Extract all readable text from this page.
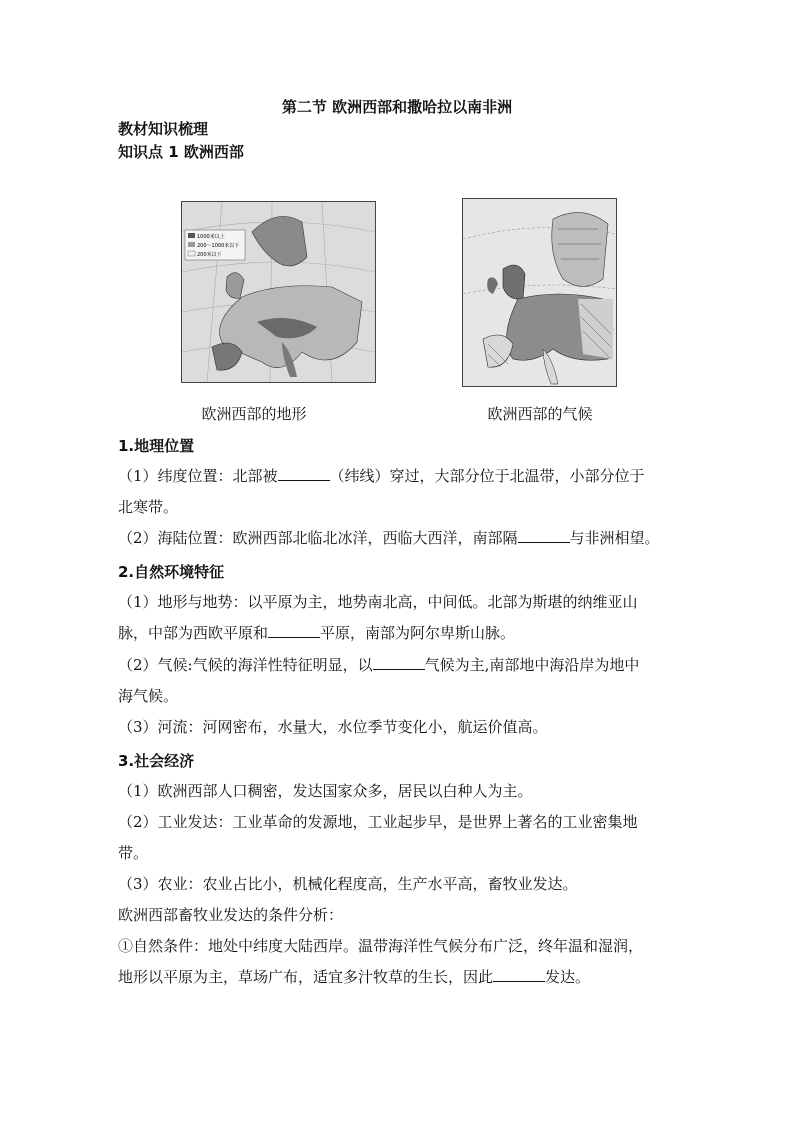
第二节 欧洲西部和撒哈拉以南非洲
教材知识梳理
知识点 1 欧洲西部
1000米以上
200～1000米以下
200米以下
欧洲西部的地形	欧洲西部的气候
1.地理位置
（1）纬度位置：北部被	（纬线）穿过，大部分位于北温带，小部分位于
北寒带。
（2）海陆位置：欧洲西部北临北冰洋，西临大西洋，南部隔	与非洲相望。
2.自然环境特征
（1）地形与地势：以平原为主，地势南北高，中间低。北部为斯堪的纳维亚山
脉，中部为西欧平原和	平原，南部为阿尔卑斯山脉。
（2）气候:气候的海洋性特征明显，以	气候为主,南部地中海沿岸为地中
海气候。
（3）河流：河网密布，水量大，水位季节变化小，航运价值高。
3.社会经济
（1）欧洲西部人口稠密，发达国家众多，居民以白种人为主。
（2）工业发达：工业革命的发源地，工业起步早，是世界上著名的工业密集地
带。
（3）农业：农业占比小，机械化程度高，生产水平高，畜牧业发达。
欧洲西部畜牧业发达的条件分析：
①自然条件：地处中纬度大陆西岸。温带海洋性气候分布广泛，终年温和湿润，
地形以平原为主，草场广布，适宜多汁牧草的生长，因此	发达。
